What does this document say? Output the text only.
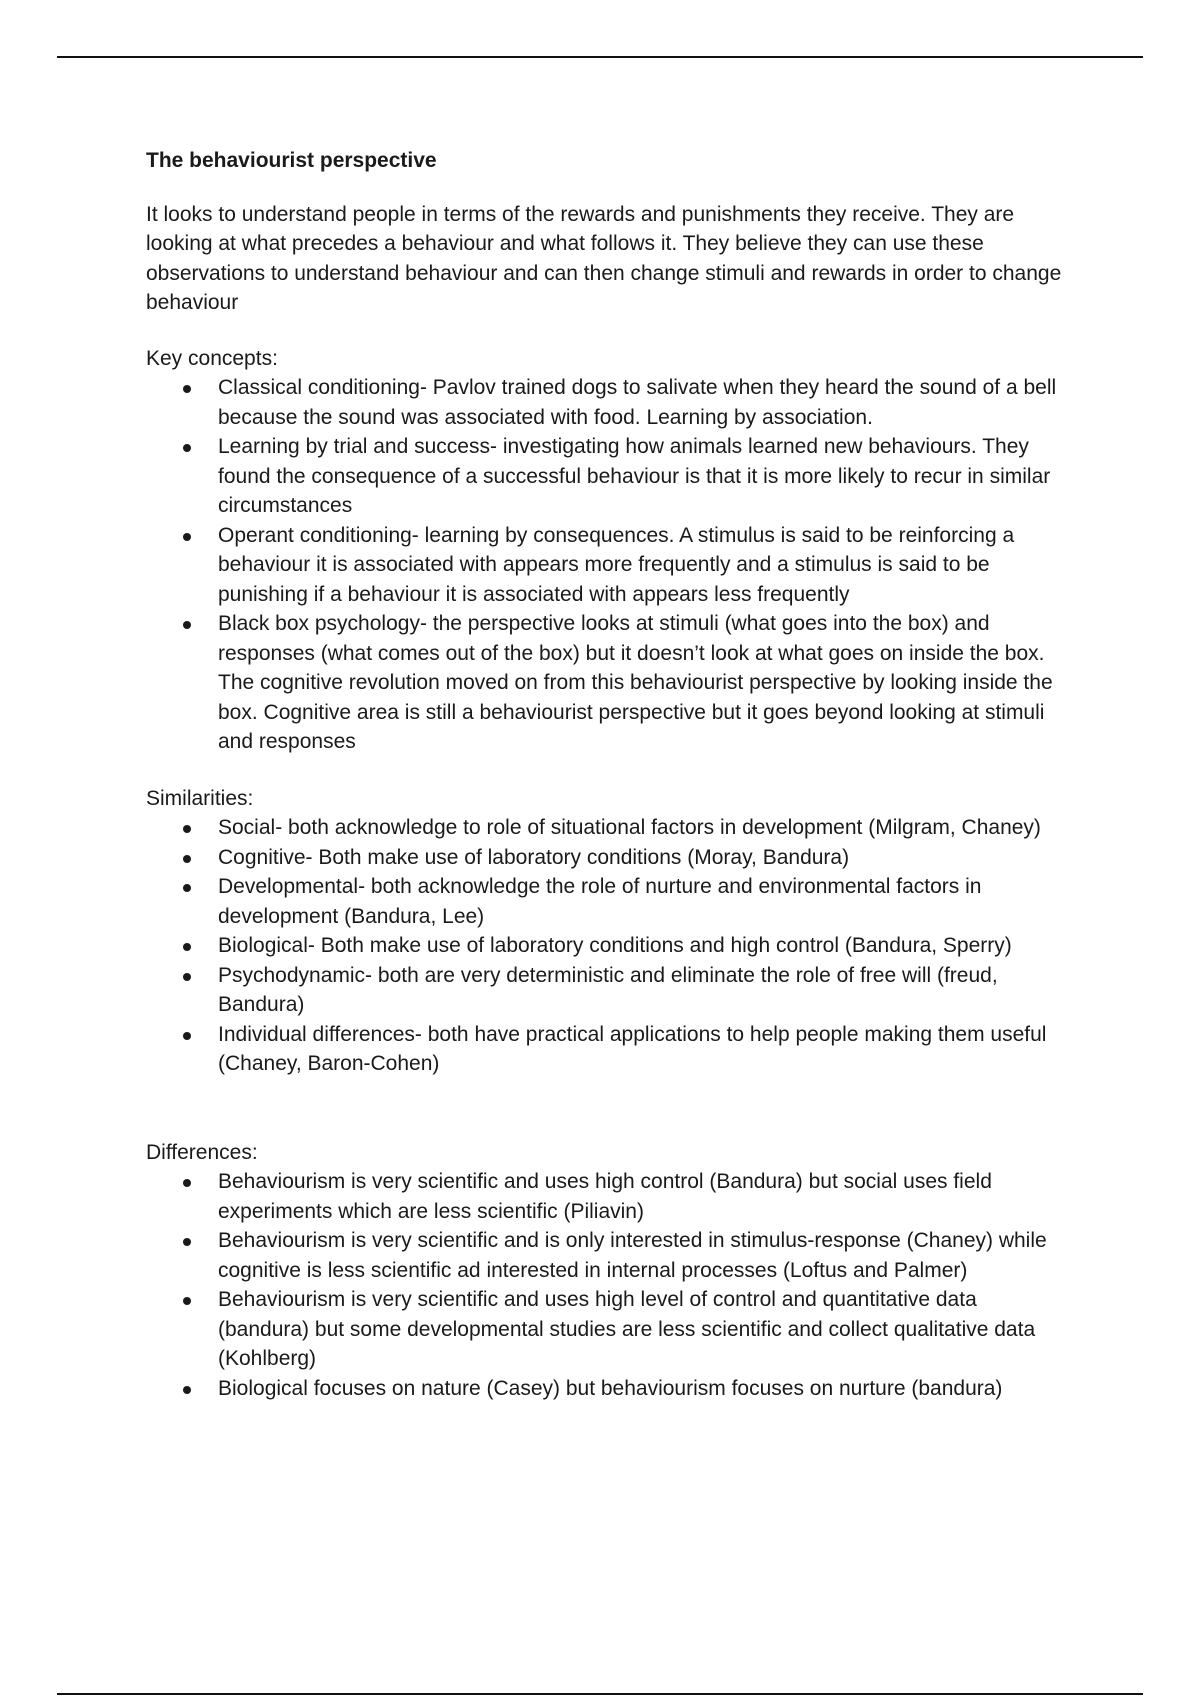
The behaviourist perspective
It looks to understand people in terms of the rewards and punishments they receive. They are looking at what precedes a behaviour and what follows it. They believe they can use these observations to understand behaviour and can then change stimuli and rewards in order to change behaviour
Key concepts:
Classical conditioning- Pavlov trained dogs to salivate when they heard the sound of a bell because the sound was associated with food. Learning by association.
Learning by trial and success- investigating how animals learned new behaviours. They found the consequence of a successful behaviour is that it is more likely to recur in similar circumstances
Operant conditioning- learning by consequences. A stimulus is said to be reinforcing a behaviour it is associated with appears more frequently and a stimulus is said to be punishing if a behaviour it is associated with appears less frequently
Black box psychology- the perspective looks at stimuli (what goes into the box) and responses (what comes out of the box) but it doesn’t look at what goes on inside the box. The cognitive revolution moved on from this behaviourist perspective by looking inside the box. Cognitive area is still a behaviourist perspective but it goes beyond looking at stimuli and responses
Similarities:
Social- both acknowledge to role of situational factors in development (Milgram, Chaney)
Cognitive- Both make use of laboratory conditions (Moray, Bandura)
Developmental- both acknowledge the role of nurture and environmental factors in development (Bandura, Lee)
Biological- Both make use of laboratory conditions and high control (Bandura, Sperry)
Psychodynamic- both are very deterministic and eliminate the role of free will (freud, Bandura)
Individual differences- both have practical applications to help people making them useful (Chaney, Baron-Cohen)
Differences:
Behaviourism is very scientific and uses high control (Bandura) but social uses field experiments which are less scientific (Piliavin)
Behaviourism is very scientific and is only interested in stimulus-response (Chaney) while cognitive is less scientific ad interested in internal processes (Loftus and Palmer)
Behaviourism is very scientific and uses high level of control and quantitative data (bandura) but some developmental studies are less scientific and collect qualitative data (Kohlberg)
Biological focuses on nature (Casey) but behaviourism focuses on nurture (bandura)
